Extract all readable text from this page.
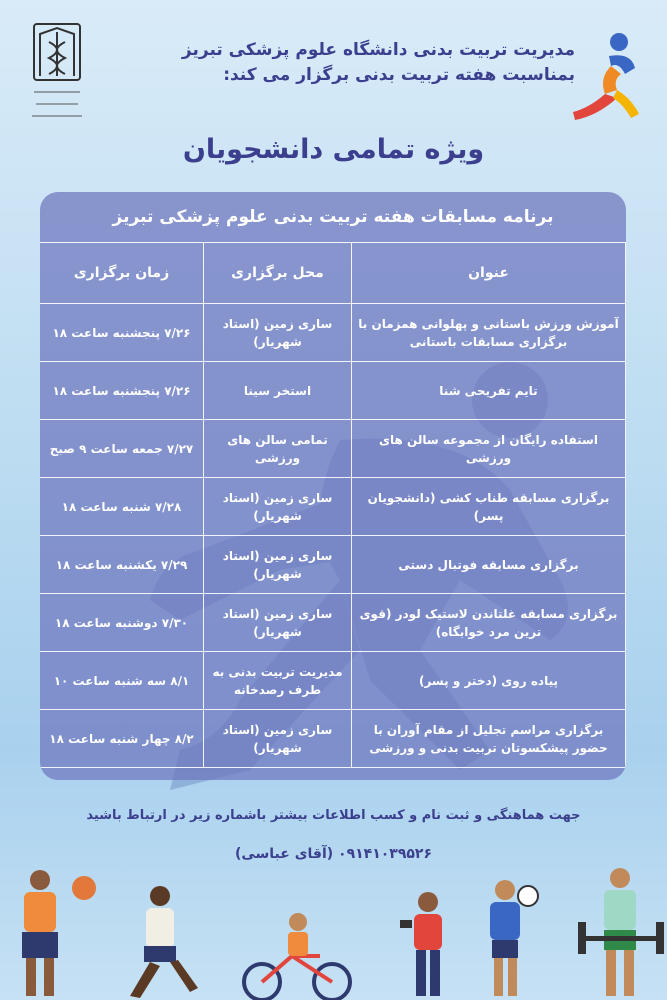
مدیریت تربیت بدنی دانشگاه علوم پزشکی تبریز
بمناسبت هفته تربیت بدنی برگزار می کند:
ویژه تمامی دانشجویان
برنامه مسابقات هفته تربیت بدنی علوم پزشکی تبریز
عنوان	محل برگزاری	زمان برگزاری
آموزش ورزش باستانی و پهلوانی همزمان با برگزاری مسابقات باستانی	ساری زمین (استاد شهریار)	۷/۲۶ پنجشنبه ساعت ۱۸
تایم تفریحی شنا	استخر سینا	۷/۲۶ پنجشنبه ساعت ۱۸
استفاده رایگان از مجموعه سالن های ورزشی	تمامی سالن های ورزشی	۷/۲۷ جمعه ساعت ۹ صبح
برگزاری مسابقه طناب کشی (دانشجویان پسر)	ساری زمین (استاد شهریار)	۷/۲۸ شنبه ساعت ۱۸
برگزاری مسابقه فوتبال دستی	ساری زمین (استاد شهریار)	۷/۲۹ یکشنبه ساعت ۱۸
برگزاری مسابقه غلتاندن لاستیک لودر (قوی ترین مرد خوابگاه)	ساری زمین (استاد شهریار)	۷/۳۰ دوشنبه ساعت ۱۸
پیاده روی (دختر و پسر)	مدیریت تربیت بدنی به طرف رصدخانه	۸/۱ سه شنبه ساعت ۱۰
برگزاری مراسم تجلیل از مقام آوران با حضور پیشکسوتان تربیت بدنی و ورزشی	ساری زمین (استاد شهریار)	۸/۲ چهار شنبه ساعت ۱۸
جهت هماهنگی و ثبت نام و کسب اطلاعات بیشتر باشماره زیر در ارتباط باشید
۰۹۱۴۱۰۳۹۵۲۶ (آقای عباسی)
